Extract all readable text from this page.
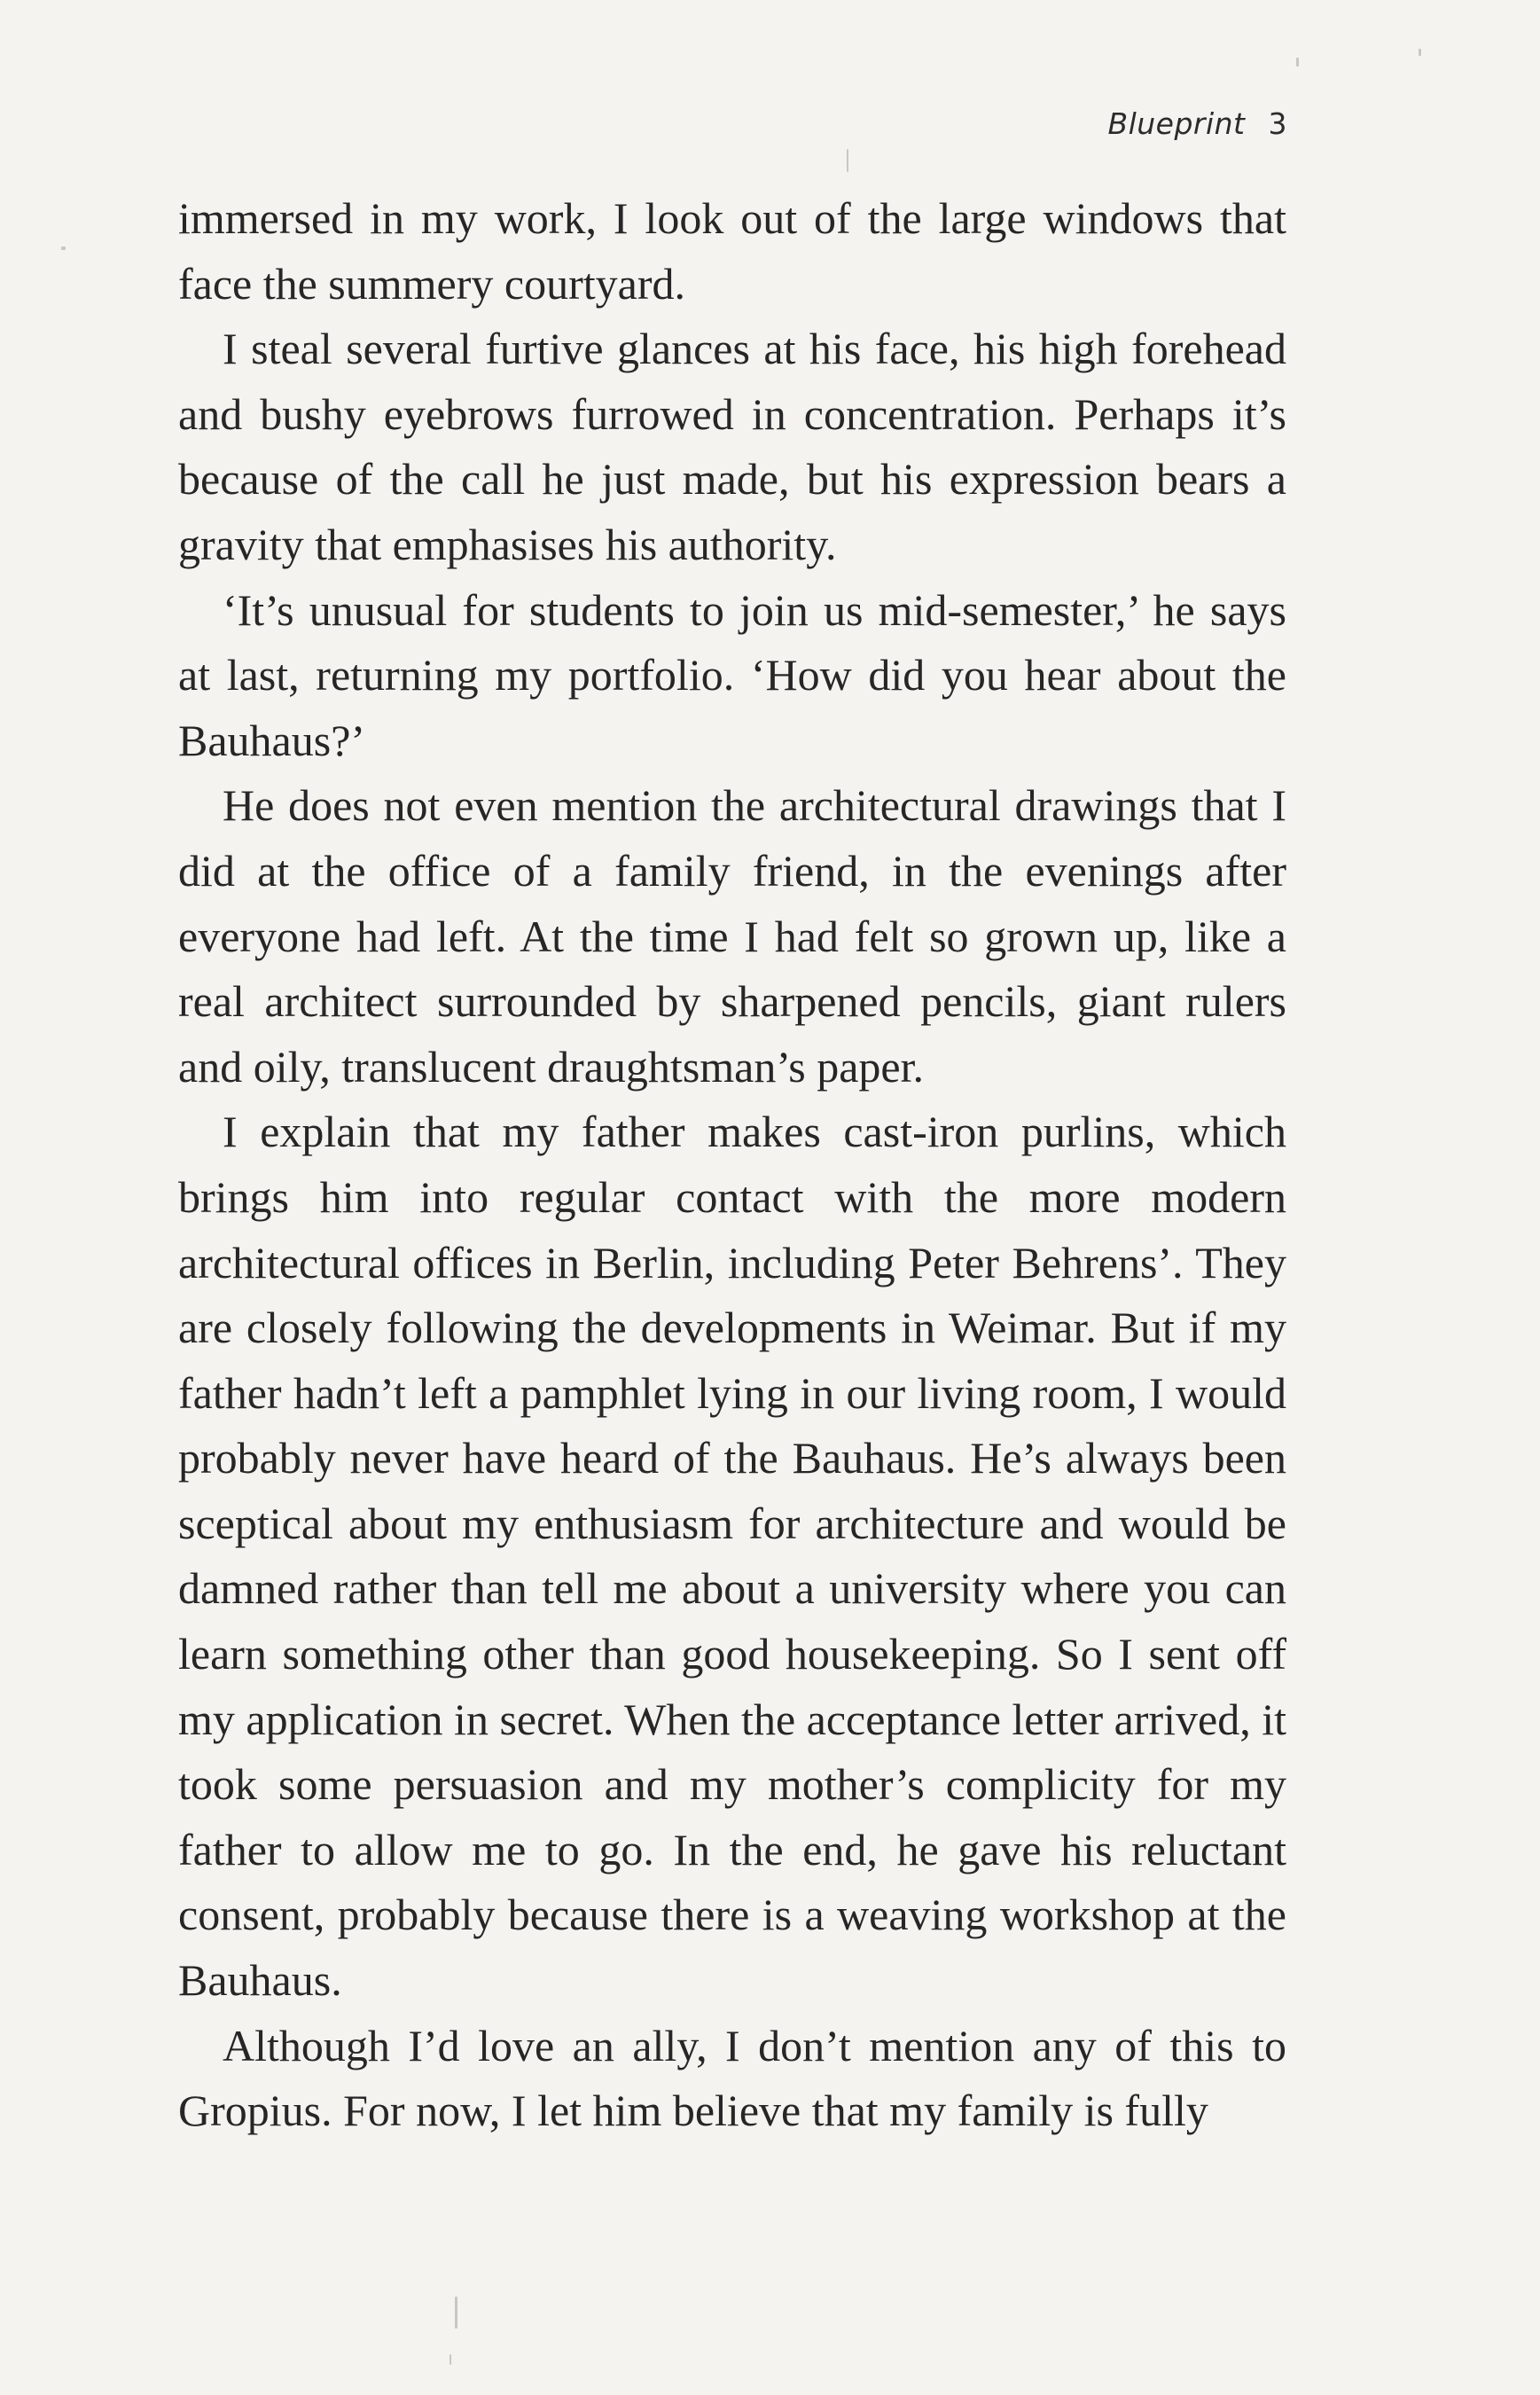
Blueprint 3

immersed in my work, I look out of the large windows that face the summery courtyard.

I steal several furtive glances at his face, his high forehead and bushy eyebrows furrowed in concentration. Perhaps it’s because of the call he just made, but his expression bears a gravity that emphasises his authority.

‘It’s unusual for students to join us mid-semester,’ he says at last, returning my portfolio. ‘How did you hear about the Bauhaus?’

He does not even mention the architectural drawings that I did at the office of a family friend, in the evenings after everyone had left. At the time I had felt so grown up, like a real architect surrounded by sharpened pencils, giant rulers and oily, translucent draughtsman’s paper.

I explain that my father makes cast-iron purlins, which brings him into regular contact with the more modern architectural offices in Berlin, including Peter Behrens’. They are closely following the developments in Weimar. But if my father hadn’t left a pamphlet lying in our living room, I would probably never have heard of the Bauhaus. He’s always been sceptical about my enthusiasm for architecture and would be damned rather than tell me about a university where you can learn something other than good housekeeping. So I sent off my application in secret. When the acceptance letter arrived, it took some persuasion and my mother’s complicity for my father to allow me to go. In the end, he gave his reluctant consent, probably because there is a weaving workshop at the Bauhaus.

Although I’d love an ally, I don’t mention any of this to Gropius. For now, I let him believe that my family is fully
